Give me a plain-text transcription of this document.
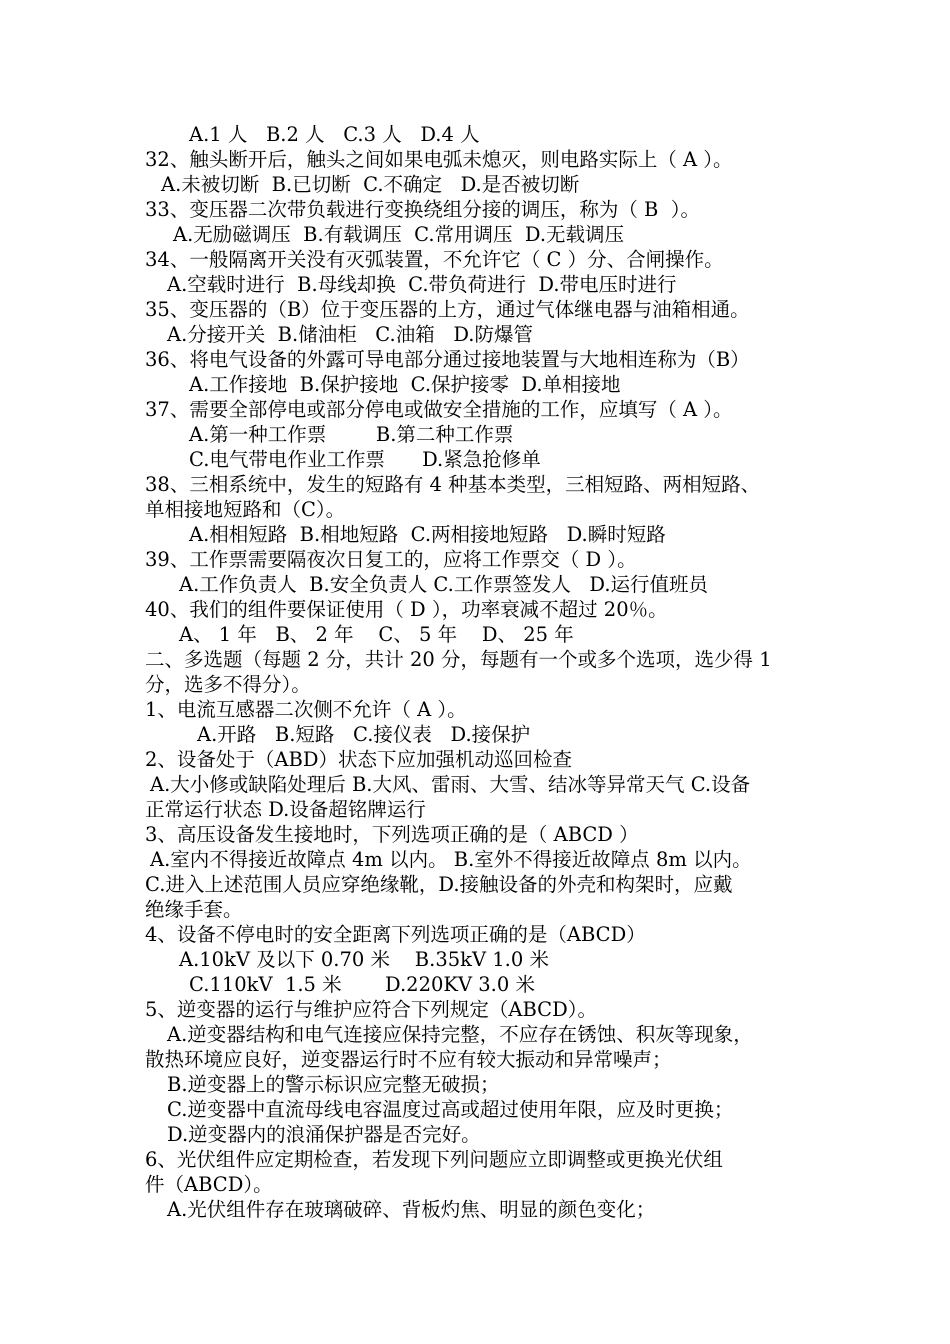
A.1 人   B.2 人   C.3 人   D.4 人
32、触头断开后，触头之间如果电弧未熄灭，则电路实际上（ A ）。
A.未被切断  B.已切断  C.不确定   D.是否被切断
33、变压器二次带负载进行变换绕组分接的调压，称为（ B  ）。
A.无励磁调压  B.有载调压  C.常用调压  D.无载调压
34、一般隔离开关没有灭弧装置，不允许它（ C ）分、合闸操作。
A.空载时进行  B.母线却换  C.带负荷进行  D.带电压时进行
35、变压器的（B）位于变压器的上方，通过气体继电器与油箱相通。
A.分接开关  B.储油柜   C.油箱   D.防爆管
36、将电气设备的外露可导电部分通过接地装置与大地相连称为（B）
A.工作接地  B.保护接地  C.保护接零  D.单相接地
37、需要全部停电或部分停电或做安全措施的工作，应填写（ A ）。
A.第一种工作票        B.第二种工作票
C.电气带电作业工作票      D.紧急抢修单
38、三相系统中，发生的短路有 4 种基本类型，三相短路、两相短路、
单相接地短路和（C）。
A.相相短路  B.相地短路  C.两相接地短路   D.瞬时短路
39、工作票需要隔夜次日复工的，应将工作票交（ D ）。
A.工作负责人  B.安全负责人 C.工作票签发人   D.运行值班员
40、我们的组件要保证使用（ D ），功率衰减不超过 20％。
A、 1 年   B、 2 年    C、 5 年    D、 25 年
二、多选题（每题 2 分，共计 20 分，每题有一个或多个选项，选少得 1
分，选多不得分）。
1、电流互感器二次侧不允许（ A ）。
A.开路   B.短路   C.接仪表   D.接保护
2、设备处于（ABD）状态下应加强机动巡回检查
A.大小修或缺陷处理后 B.大风、雷雨、大雪、结冰等异常天气 C.设备
正常运行状态 D.设备超铭牌运行
3、高压设备发生接地时，下列选项正确的是（ ABCD ）
A.室内不得接近故障点 4m 以内。 B.室外不得接近故障点 8m 以内。
C.进入上述范围人员应穿绝缘靴，D.接触设备的外壳和构架时，应戴
绝缘手套。
4、设备不停电时的安全距离下列选项正确的是（ABCD）
A.10kV 及以下 0.70 米    B.35kV 1.0 米
C.110kV  1.5 米       D.220KV 3.0 米
5、逆变器的运行与维护应符合下列规定（ABCD）。
A.逆变器结构和电气连接应保持完整，不应存在锈蚀、积灰等现象，
散热环境应良好，逆变器运行时不应有较大振动和异常噪声；
B.逆变器上的警示标识应完整无破损；
C.逆变器中直流母线电容温度过高或超过使用年限，应及时更换；
D.逆变器内的浪涌保护器是否完好。
6、光伏组件应定期检查，若发现下列问题应立即调整或更换光伏组
件（ABCD）。
A.光伏组件存在玻璃破碎、背板灼焦、明显的颜色变化；
